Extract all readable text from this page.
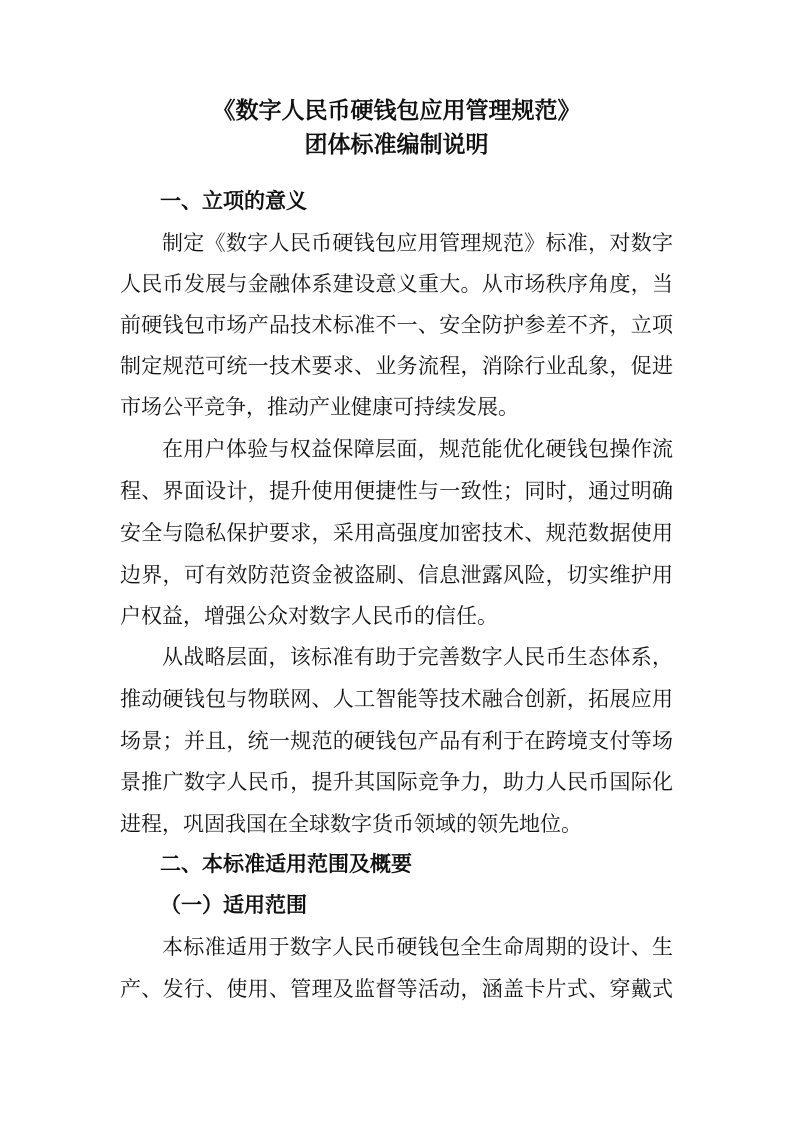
《数字人民币硬钱包应用管理规范》
团体标准编制说明
一、立项的意义
制定《数字人民币硬钱包应用管理规范》标准，对数字
人民币发展与金融体系建设意义重大。从市场秩序角度，当
前硬钱包市场产品技术标准不一、安全防护参差不齐，立项
制定规范可统一技术要求、业务流程，消除行业乱象，促进
市场公平竞争，推动产业健康可持续发展。
在用户体验与权益保障层面，规范能优化硬钱包操作流
程、界面设计，提升使用便捷性与一致性；同时，通过明确
安全与隐私保护要求，采用高强度加密技术、规范数据使用
边界，可有效防范资金被盗刷、信息泄露风险，切实维护用
户权益，增强公众对数字人民币的信任。
从战略层面，该标准有助于完善数字人民币生态体系，
推动硬钱包与物联网、人工智能等技术融合创新，拓展应用
场景；并且，统一规范的硬钱包产品有利于在跨境支付等场
景推广数字人民币，提升其国际竞争力，助力人民币国际化
进程，巩固我国在全球数字货币领域的领先地位。
二、本标准适用范围及概要
（一）适用范围
本标准适用于数字人民币硬钱包全生命周期的设计、生
产、发行、使用、管理及监督等活动，涵盖卡片式、穿戴式
